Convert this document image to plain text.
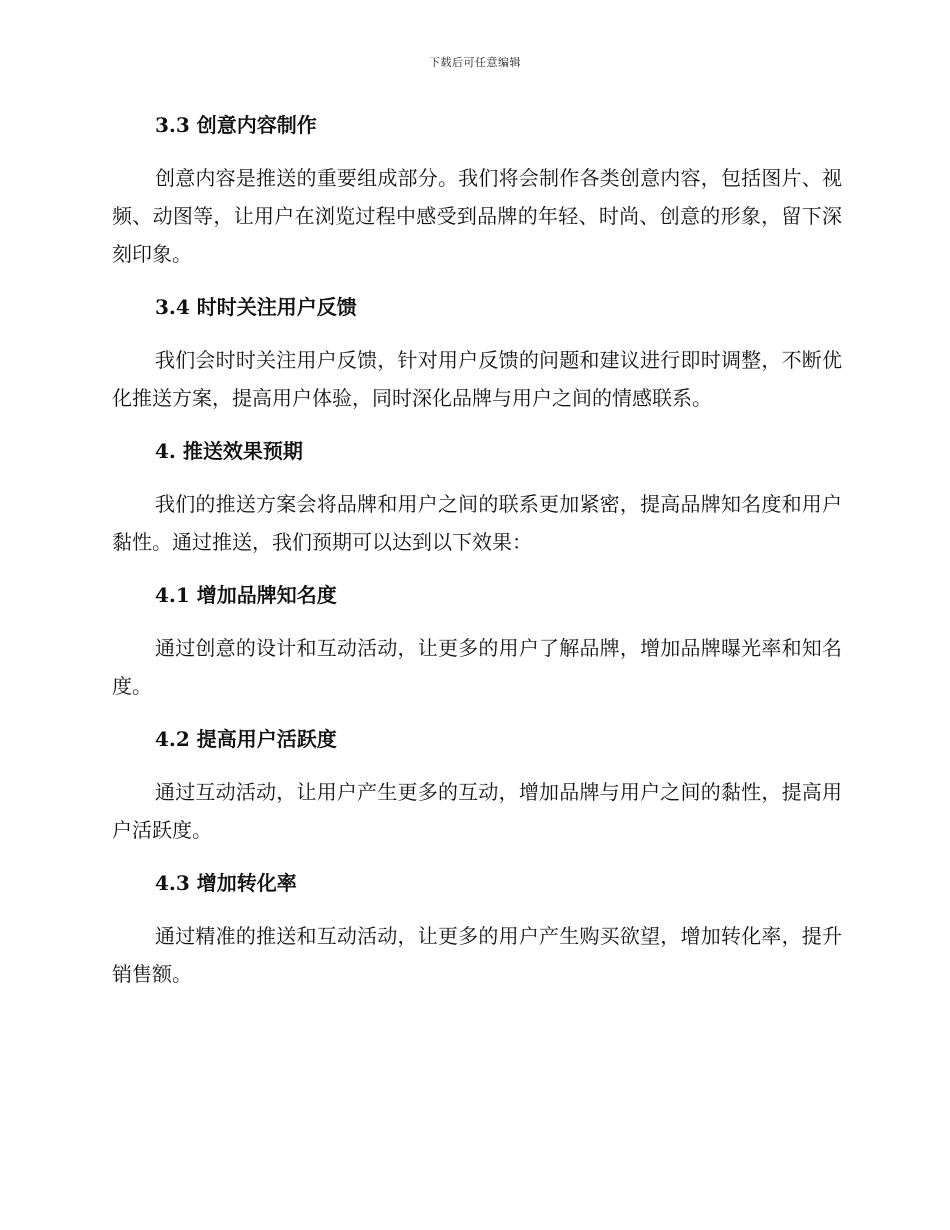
下载后可任意编辑
3.3 创意内容制作

创意内容是推送的重要组成部分。我们将会制作各类创意内容，包括图片、视频、动图等，让用户在浏览过程中感受到品牌的年轻、时尚、创意的形象，留下深刻印象。

3.4 时时关注用户反馈

我们会时时关注用户反馈，针对用户反馈的问题和建议进行即时调整，不断优化推送方案，提高用户体验，同时深化品牌与用户之间的情感联系。

4. 推送效果预期

我们的推送方案会将品牌和用户之间的联系更加紧密，提高品牌知名度和用户黏性。通过推送，我们预期可以达到以下效果：

4.1 增加品牌知名度

通过创意的设计和互动活动，让更多的用户了解品牌，增加品牌曝光率和知名度。

4.2 提高用户活跃度

通过互动活动，让用户产生更多的互动，增加品牌与用户之间的黏性，提高用户活跃度。

4.3 增加转化率

通过精准的推送和互动活动，让更多的用户产生购买欲望，增加转化率，提升销售额。
